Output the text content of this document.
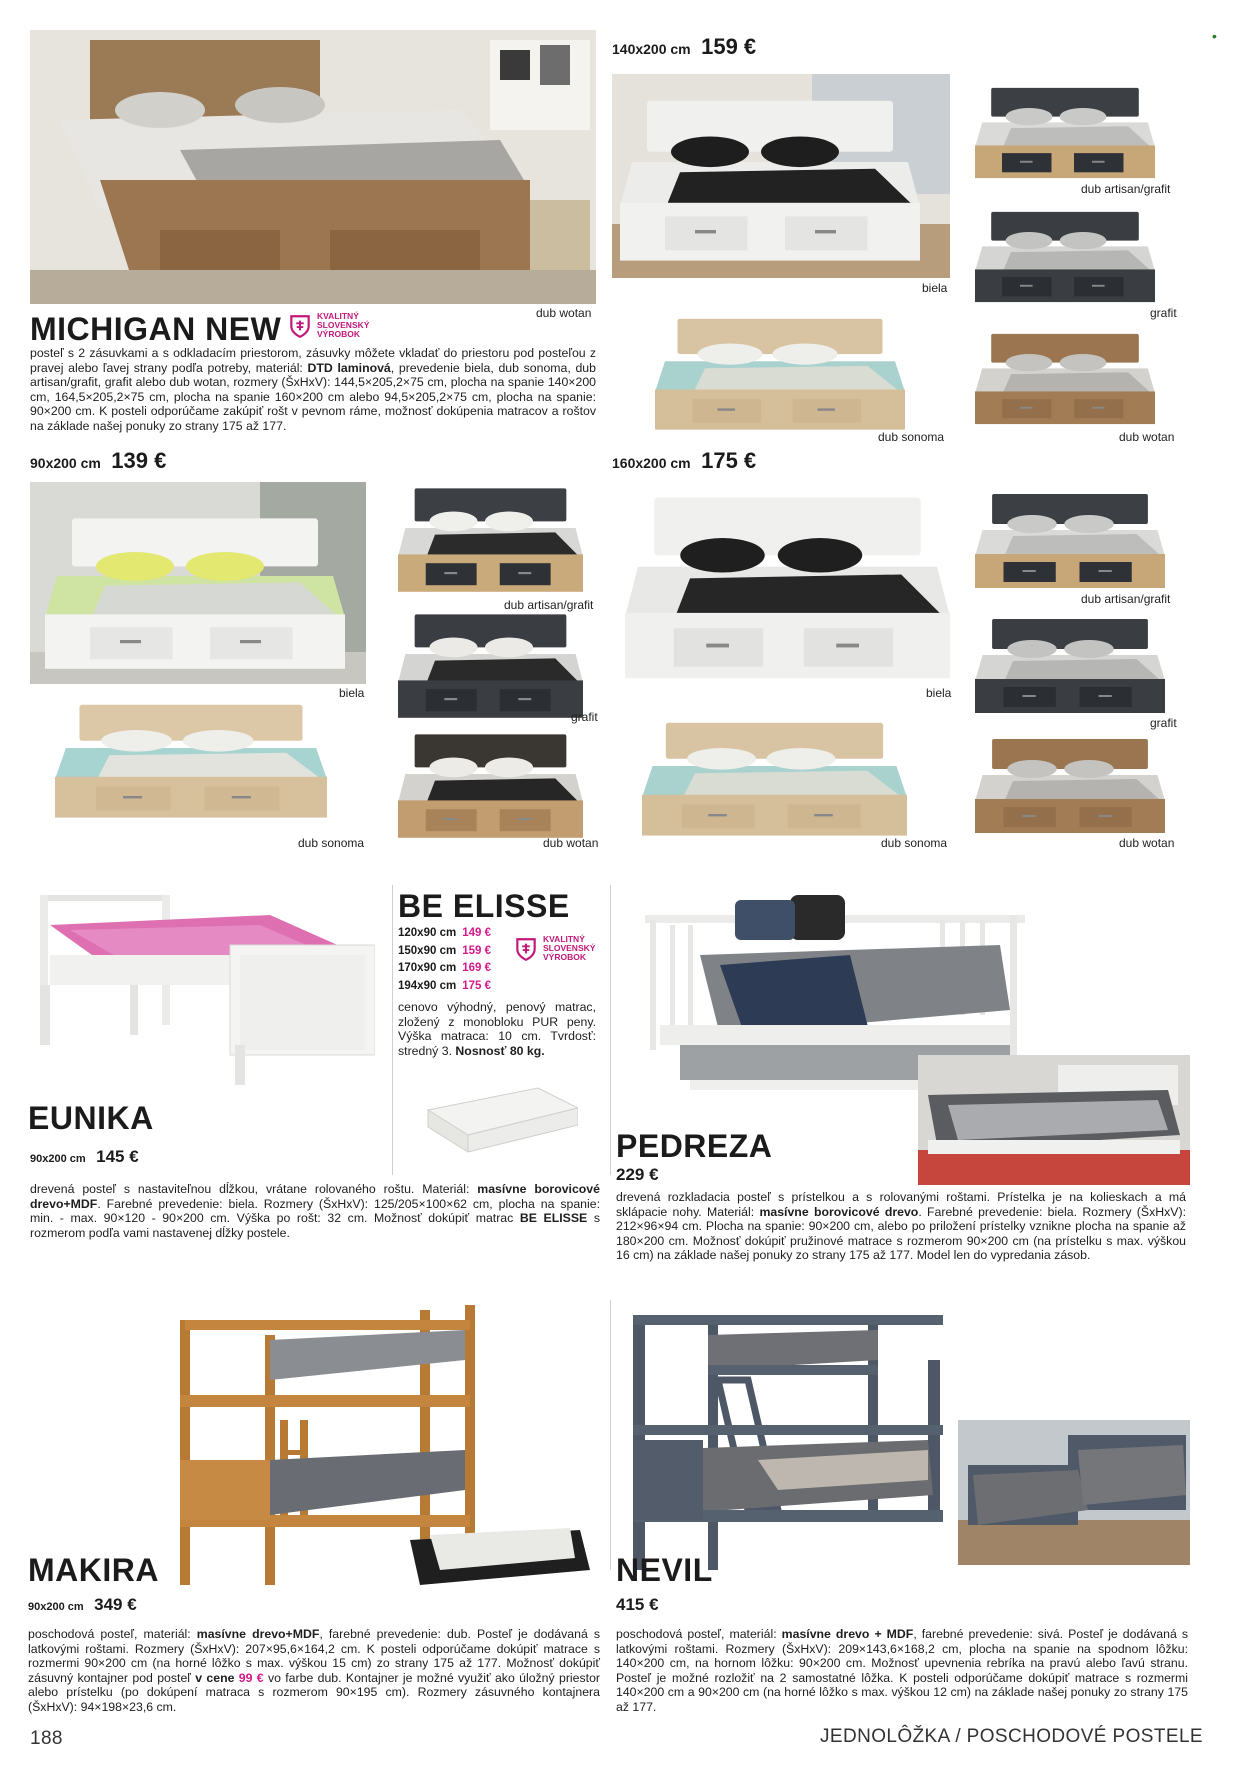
dub wotan
MICHIGAN NEW	KVALITNÝ
SLOVENSKÝ
VÝROBOK
posteľ s 2 zásuvkami a s odkladacím priestorom, zásuvky môžete vkladať do priestoru pod posteľou z pravej alebo ľavej strany podľa potreby, materiál: DTD laminová, prevedenie biela, dub sonoma, dub artisan/grafit, grafit alebo dub wotan, rozmery (ŠxHxV): 144,5×205,2×75 cm, plocha na spanie 140×200 cm, 164,5×205,2×75 cm, plocha na spanie 160×200 cm alebo 94,5×205,2×75 cm, plocha na spanie: 90×200 cm. K posteli odporúčame zakúpiť rošt v pevnom ráme, možnosť dokúpenia matracov a roštov na základe našej ponuky zo strany 175 až 177.
140x200 cm 159 €
biela
dub artisan/grafit
grafit
dub sonoma	dub wotan
90x200 cm 139 €
biela
dub artisan/grafit
grafit
dub sonoma	dub wotan
160x200 cm 175 €
biela
dub artisan/grafit
grafit
dub sonoma	dub wotan
EUNIKA
90x200 cm 145 €
drevená posteľ s nastaviteľnou dĺžkou, vrátane rolovaného roštu. Materiál: masívne borovicové drevo+MDF. Farebné prevedenie: biela. Rozmery (ŠxHxV): 125/205×100×62 cm, plocha na spanie: min. - max. 90×120 - 90×200 cm. Výška po rošt: 32 cm. Možnosť dokúpiť matrac BE ELISSE s rozmerom podľa vami nastavenej dĺžky postele.
BE ELISSE
120x90 cm 149 €
150x90 cm 159 €
170x90 cm 169 €
194x90 cm 175 €
KVALITNÝ
SLOVENSKÝ
VÝROBOK
cenovo výhodný, penový matrac, zložený z monobloku PUR peny. Výška matraca: 10 cm. Tvrdosť: stredný 3. Nosnosť 80 kg.
PEDREZA
229 €
drevená rozkladacia posteľ s prístelkou a s rolovanými roštami. Prístelka je na kolieskach a má sklápacie nohy. Materiál: masívne borovicové drevo. Farebné prevedenie: biela. Rozmery (ŠxHxV): 212×96×94 cm. Plocha na spanie: 90×200 cm, alebo po priložení prístelky vznikne plocha na spanie až 180×200 cm. Možnosť dokúpiť pružinové matrace s rozmerom 90×200 cm (na prístelku s max. výškou 16 cm) na základe našej ponuky zo strany 175 až 177. Model len do vypredania zásob.
MAKIRA
90x200 cm 349 €
poschodová posteľ, materiál: masívne drevo+MDF, farebné prevedenie: dub. Posteľ je dodávaná s latkovými roštami. Rozmery (ŠxHxV): 207×95,6×164,2 cm. K posteli odporúčame dokúpiť matrace s rozmermi 90×200 cm (na horné lôžko s max. výškou 15 cm) zo strany 175 až 177. Možnosť dokúpiť zásuvný kontajner pod posteľ v cene 99 € vo farbe dub. Kontajner je možné využiť ako úložný priestor alebo prístelku (po dokúpení matraca s rozmerom 90×195 cm). Rozmery zásuvného kontajnera (ŠxHxV): 94×198×23,6 cm.
NEVIL
415 €
poschodová posteľ, materiál: masívne drevo + MDF, farebné prevedenie: sivá. Posteľ je dodávaná s latkovými roštami. Rozmery (ŠxHxV): 209×143,6×168,2 cm, plocha na spanie na spodnom lôžku: 140×200 cm, na hornom lôžku: 90×200 cm. Možnosť upevnenia rebríka na pravú alebo ľavú stranu. Posteľ je možné rozložiť na 2 samostatné lôžka. K posteli odporúčame dokúpiť matrace s rozmermi 140×200 cm a 90×200 cm (na horné lôžko s max. výškou 12 cm) na základe našej ponuky zo strany 175 až 177.
188	JEDNOLÔŽKA / POSCHODOVÉ POSTELE
•
